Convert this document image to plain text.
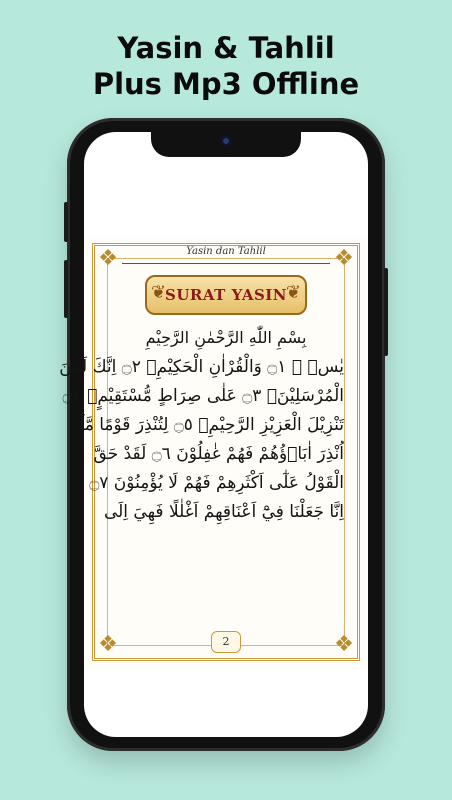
Yasin & Tahlil
Plus Mp3 Offline
❖	❖
❖	❖
Yasin dan Tahlil
❦	❦
SURAT YASIN
بِسْمِ اللّٰهِ الرَّحْمٰنِ الرَّحِيْمِ
يٰسۤ ۚ ۝١ وَالْقُرْاٰنِ الْحَكِيْمِۙ ۝٢ اِنَّكَ لَمِنَ
الْمُرْسَلِيْنَۙ ۝٣ عَلٰى صِرَاطٍ مُّسْتَقِيْمٍۗ ۝٤
تَنْزِيْلَ الْعَزِيْزِ الرَّحِيْمِۙ ۝٥ لِتُنْذِرَ قَوْمًا مَّآ
اُنْذِرَ اٰبَاۤؤُهُمْ فَهُمْ غٰفِلُوْنَ ۝٦ لَقَدْ حَقَّ
الْقَوْلُ عَلٰٓى اَكْثَرِهِمْ فَهُمْ لَا يُؤْمِنُوْنَ ۝٧
اِنَّا جَعَلْنَا فِيْٓ اَعْنَاقِهِمْ اَغْلٰلًا فَهِيَ اِلَى
2
